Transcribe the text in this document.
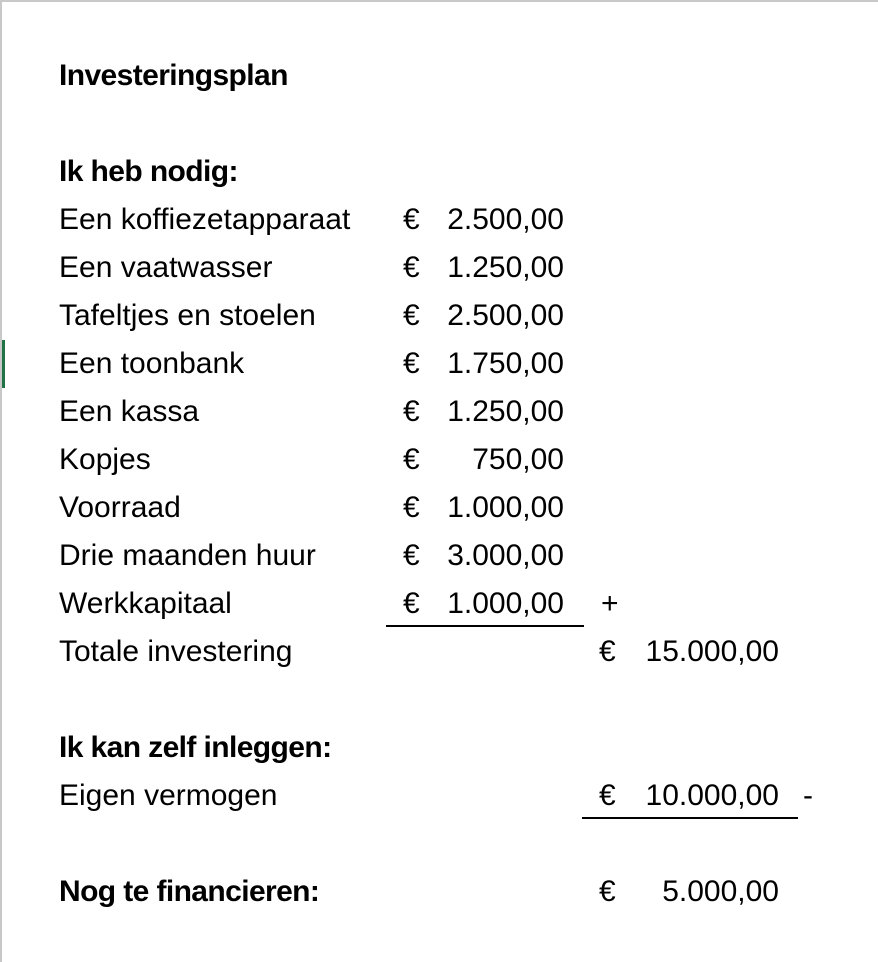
Investeringsplan
Ik heb nodig:
Een koffiezetapparaat € 2.500,00
Een vaatwasser	€ 1.250,00
Tafeltjes en stoelen	€ 2.500,00
Een toonbank	€ 1.750,00
Een kassa	€ 1.250,00
Kopjes	€ 750,00
Voorraad	€ 1.000,00
Drie maanden huur	€ 3.000,00
Werkkapitaal	€ 1.000,00 +
Totale investering	€ 15.000,00
Ik kan zelf inleggen:
Eigen vermogen	€ 10.000,00 -
Nog te financieren:	€ 5.000,00
